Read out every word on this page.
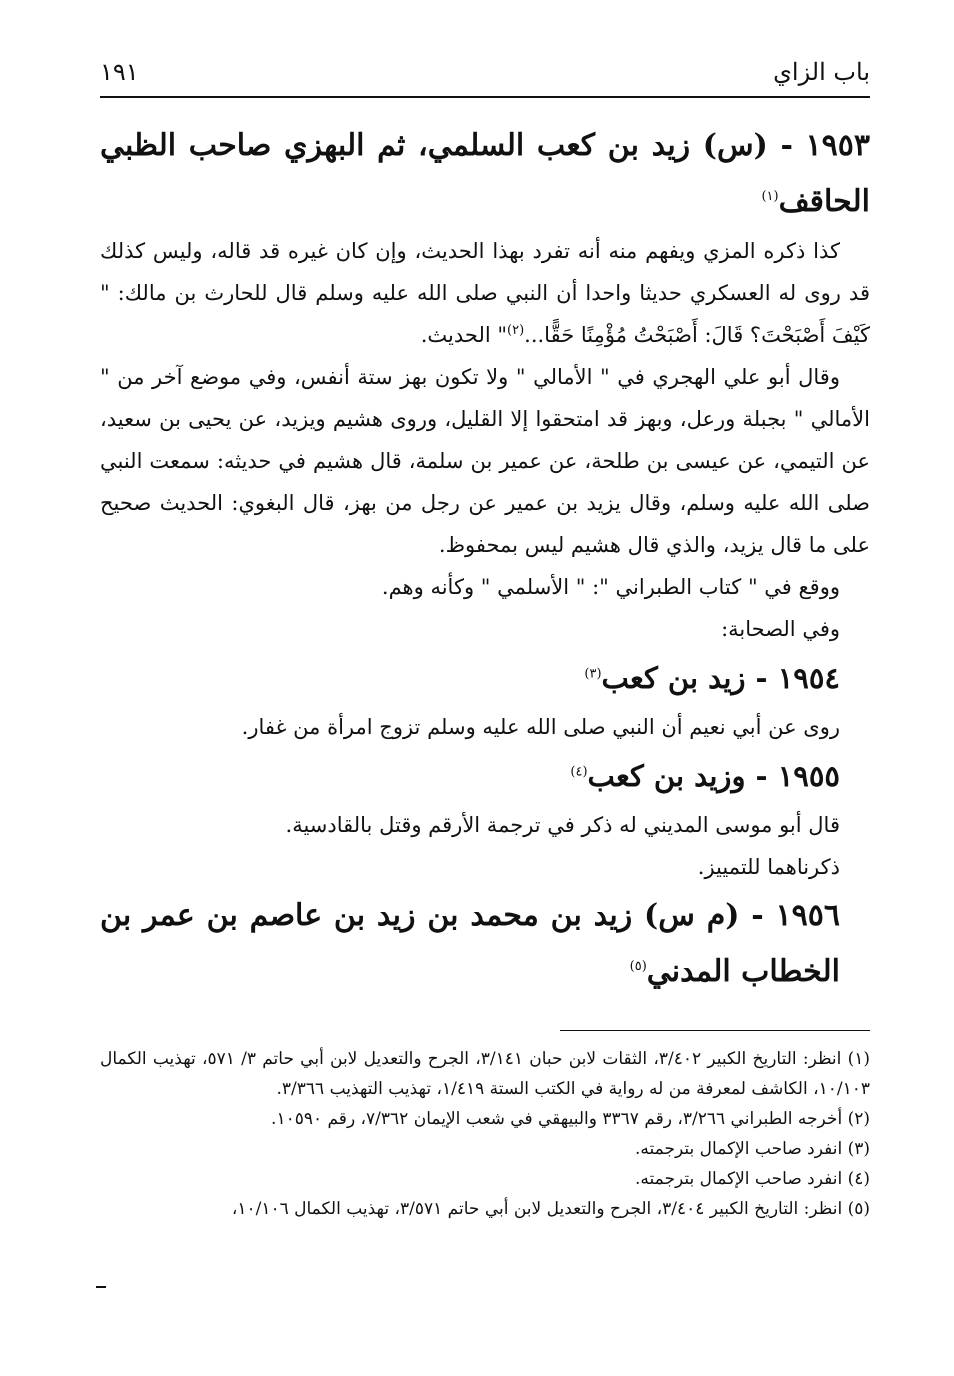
باب الزاي
١٩١
١٩٥٣ - (س) زيد بن كعب السلمي، ثم البهزي صاحب الظبي الحاقف$^{(١)}$

كذا ذكره المزي ويفهم منه أنه تفرد بهذا الحديث، وإن كان غيره قد قاله، وليس كذلك قد روى له العسكري حديثا واحدا أن النبي صلى الله عليه وسلم قال للحارث بن مالك: " كَيْفَ أَصْبَحْتَ؟ قَالَ: أَصْبَحْتُ مُؤْمِنًا حَقًّا...$^{(٢)}$" الحديث.

وقال أبو علي الهجري في " الأمالي " ولا تكون بهز ستة أنفس، وفي موضع آخر من " الأمالي " بجبلة ورعل، وبهز قد امتحقوا إلا القليل، وروى هشيم ويزيد، عن يحيى بن سعيد، عن التيمي، عن عيسى بن طلحة، عن عمير بن سلمة، قال هشيم في حديثه: سمعت النبي صلى الله عليه وسلم، وقال يزيد بن عمير عن رجل من بهز، قال البغوي: الحديث صحيح على ما قال يزيد، والذي قال هشيم ليس بمحفوظ.

ووقع في " كتاب الطبراني ": " الأسلمي " وكأنه وهم.
وفي الصحابة:
١٩٥٤ - زيد بن كعب$^{(٣)}$
روى عن أبي نعيم أن النبي صلى الله عليه وسلم تزوج امرأة من غفار.
١٩٥٥ - وزيد بن كعب$^{(٤)}$
قال أبو موسى المديني له ذكر في ترجمة الأرقم وقتل بالقادسية.
ذكرناهما للتمييز.
١٩٥٦ - (م س) زيد بن محمد بن زيد بن عاصم بن عمر بن الخطاب المدني$^{(٥)}$

(١) انظر: التاريخ الكبير ٣/٤٠٢، الثقات لابن حبان ٣/١٤١، الجرح والتعديل لابن أبي حاتم ٣/ ٥٧١، تهذيب الكمال ١٠/١٠٣، الكاشف لمعرفة من له رواية في الكتب الستة ١/٤١٩، تهذيب التهذيب ٣/٣٦٦.

(٢) أخرجه الطبراني ٣/٢٦٦، رقم ٣٣٦٧ والبيهقي في شعب الإيمان ٧/٣٦٢، رقم ١٠٥٩٠.

(٣) انفرد صاحب الإكمال بترجمته.

(٤) انفرد صاحب الإكمال بترجمته.

(٥) انظر: التاريخ الكبير ٣/٤٠٤، الجرح والتعديل لابن أبي حاتم ٣/٥٧١، تهذيب الكمال ١٠/١٠٦،
